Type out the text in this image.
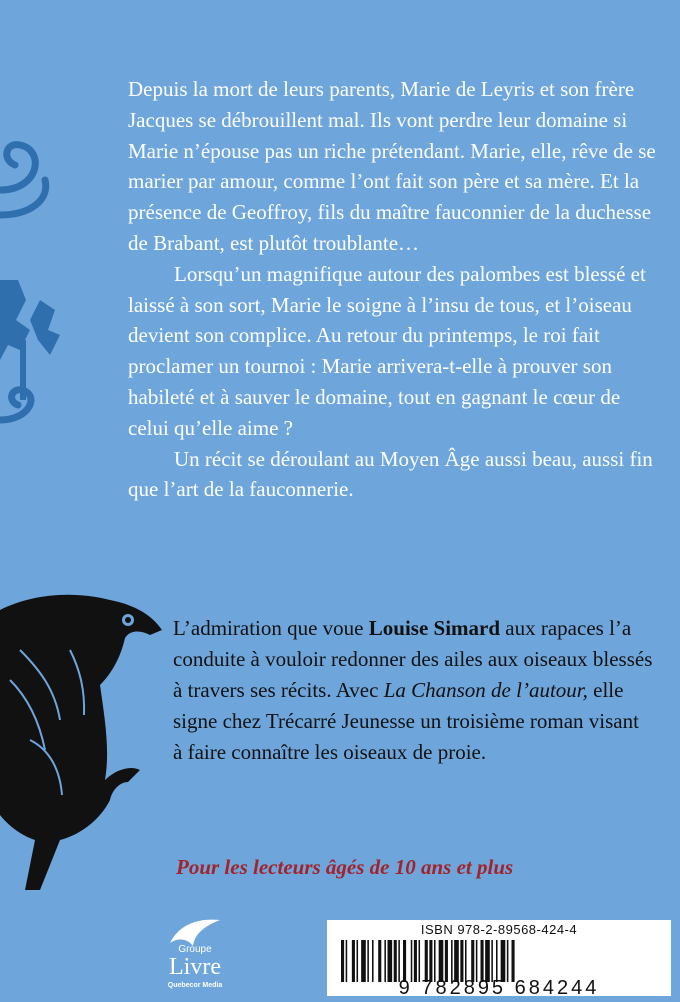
Depuis la mort de leurs parents, Marie de Leyris et son frère Jacques se débrouillent mal. Ils vont perdre leur domaine si Marie n’épouse pas un riche prétendant. Marie, elle, rêve de se marier par amour, comme l’ont fait son père et sa mère. Et la présence de Geoffroy, fils du maître fauconnier de la duchesse de Brabant, est plutôt troublante…

Lorsqu’un magnifique autour des palombes est blessé et laissé à son sort, Marie le soigne à l’insu de tous, et l’oiseau devient son complice. Au retour du printemps, le roi fait proclamer un tournoi : Marie arrivera-t-elle à prouver son habileté et à sauver le domaine, tout en gagnant le cœur de celui qu’elle aime ?

Un récit se déroulant au Moyen Âge aussi beau, aussi fin que l’art de la fauconnerie.

L’admiration que voue Louise Simard aux rapaces l’a conduite à vouloir redonner des ailes aux oiseaux blessés à travers ses récits. Avec La Chanson de l’autour, elle signe chez Trécarré Jeunesse un troisième roman visant à faire connaître les oiseaux de proie.

Pour les lecteurs âgés de 10 ans et plus
Groupe
Livre
Quebecor Media
ISBN 978-2-89568-424-4
9 782895 684244
